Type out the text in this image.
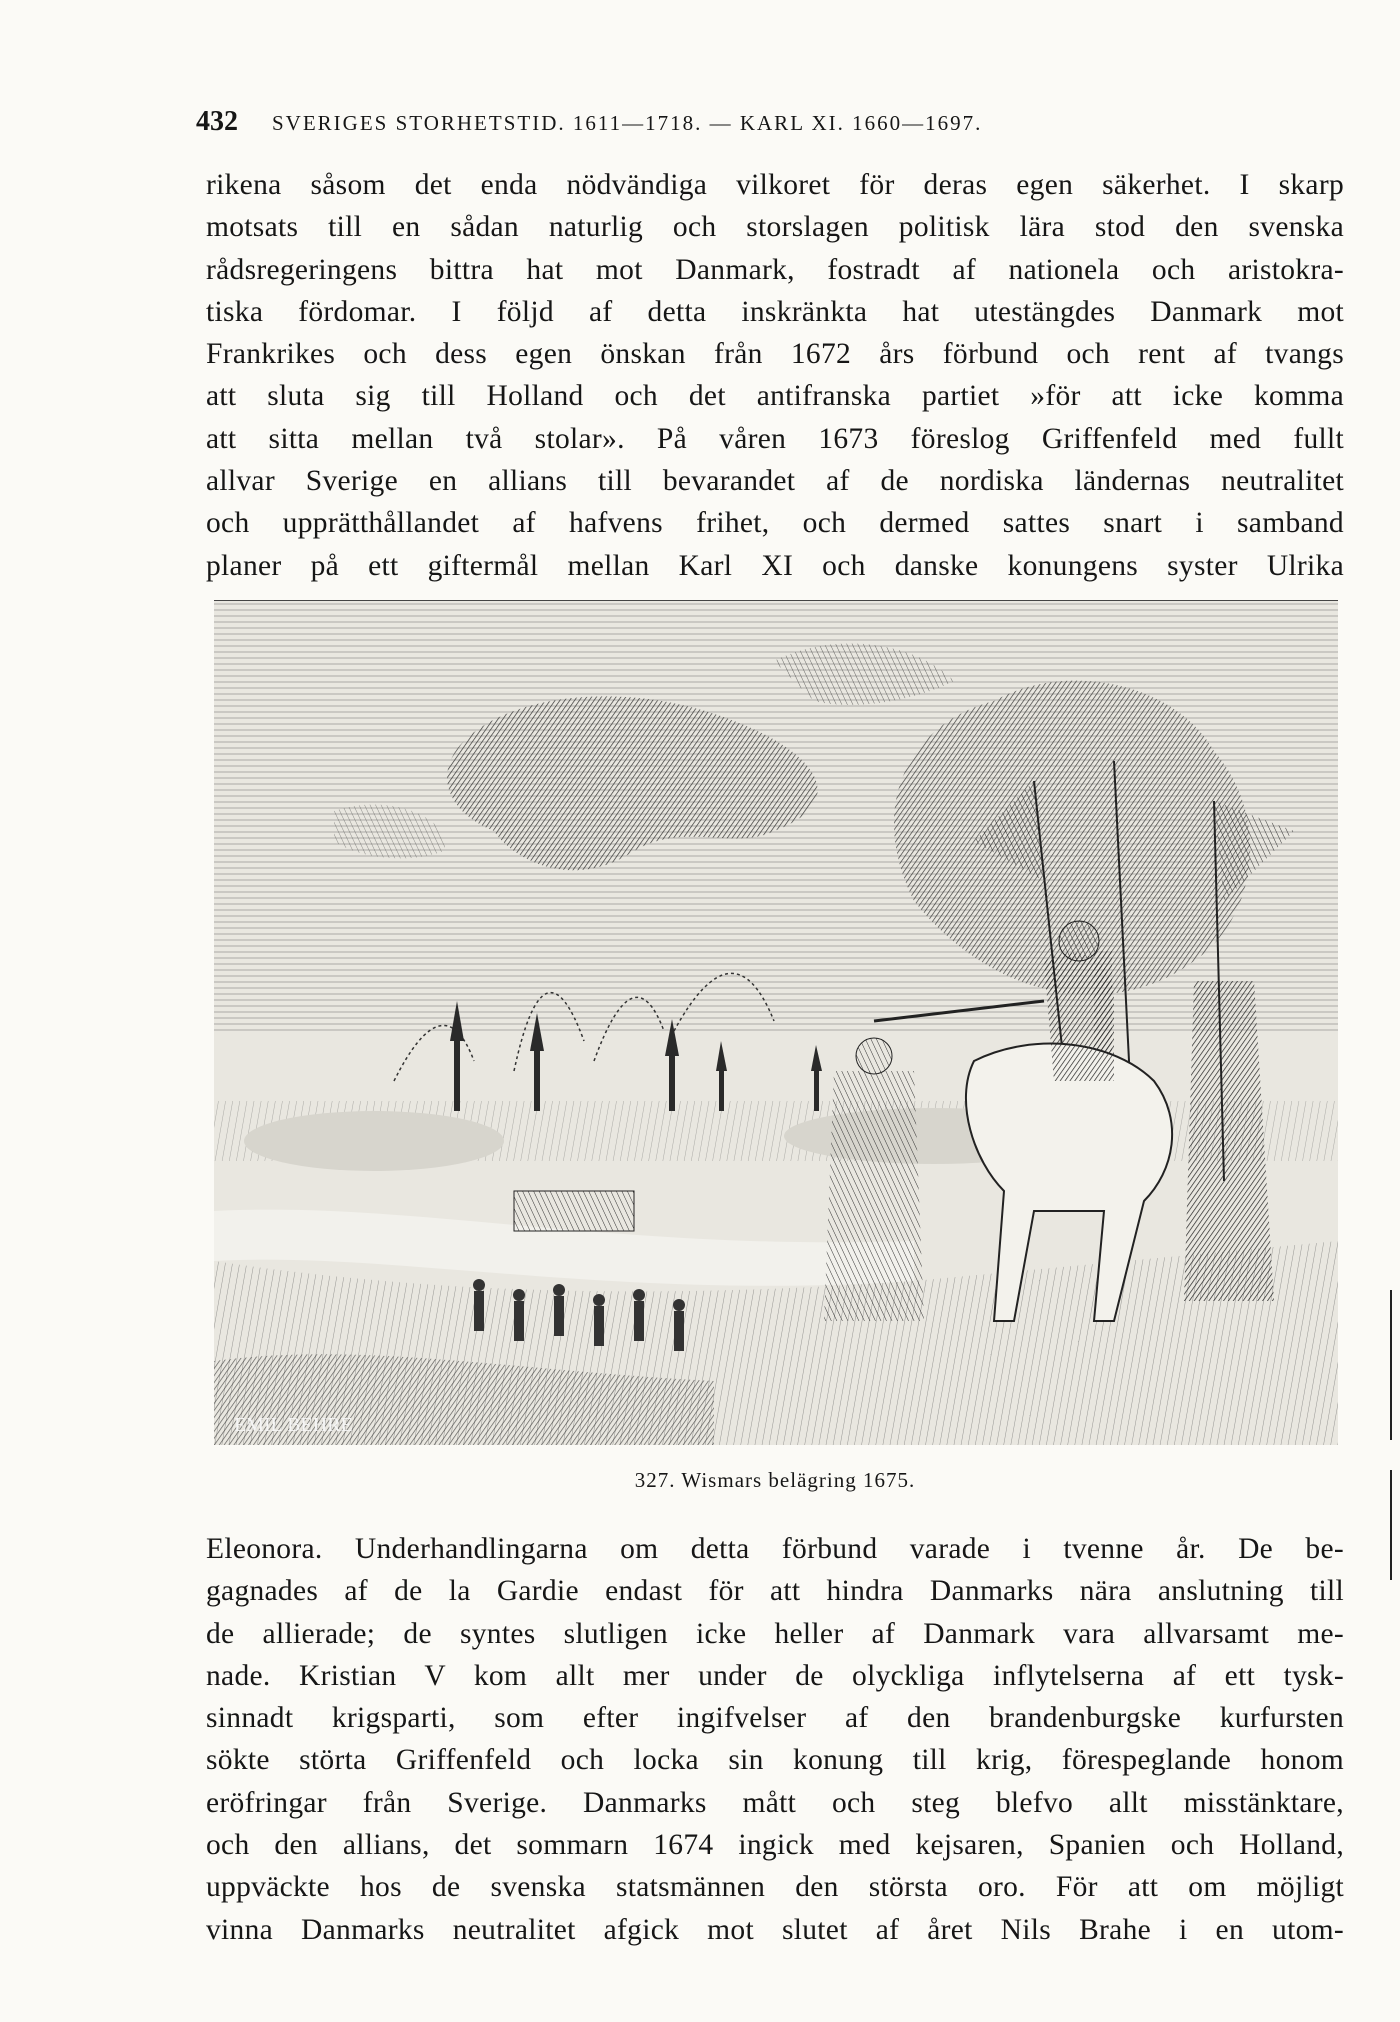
432 SVERIGES STORHETSTID. 1611—1718. — KARL XI. 1660—1697.
rikena såsom det enda nödvändiga vilkoret för deras egen säkerhet. I skarp
motsats till en sådan naturlig och storslagen politisk lära stod den svenska
rådsregeringens bittra hat mot Danmark, fostradt af nationela och aristokra-
tiska fördomar. I följd af detta inskränkta hat utestängdes Danmark mot
Frankrikes och dess egen önskan från 1672 års förbund och rent af tvangs
att sluta sig till Holland och det antifranska partiet »för att icke komma
att sitta mellan två stolar». På våren 1673 föreslog Griffenfeld med fullt
allvar Sverige en allians till bevarandet af de nordiska ländernas neutralitet
och upprätthållandet af hafvens frihet, och dermed sattes snart i samband
planer på ett giftermål mellan Karl XI och danske konungens syster Ulrika
EMIL BEHRE
327. Wismars belägring 1675.
Eleonora. Underhandlingarna om detta förbund varade i tvenne år. De be-
gagnades af de la Gardie endast för att hindra Danmarks nära anslutning till
de allierade; de syntes slutligen icke heller af Danmark vara allvarsamt me-
nade. Kristian V kom allt mer under de olyckliga inflytelserna af ett tysk-
sinnadt krigsparti, som efter ingifvelser af den brandenburgske kurfursten
sökte störta Griffenfeld och locka sin konung till krig, förespeglande honom
eröfringar från Sverige. Danmarks mått och steg blefvo allt misstänktare,
och den allians, det sommarn 1674 ingick med kejsaren, Spanien och Holland,
uppväckte hos de svenska statsmännen den största oro. För att om möjligt
vinna Danmarks neutralitet afgick mot slutet af året Nils Brahe i en utom-
